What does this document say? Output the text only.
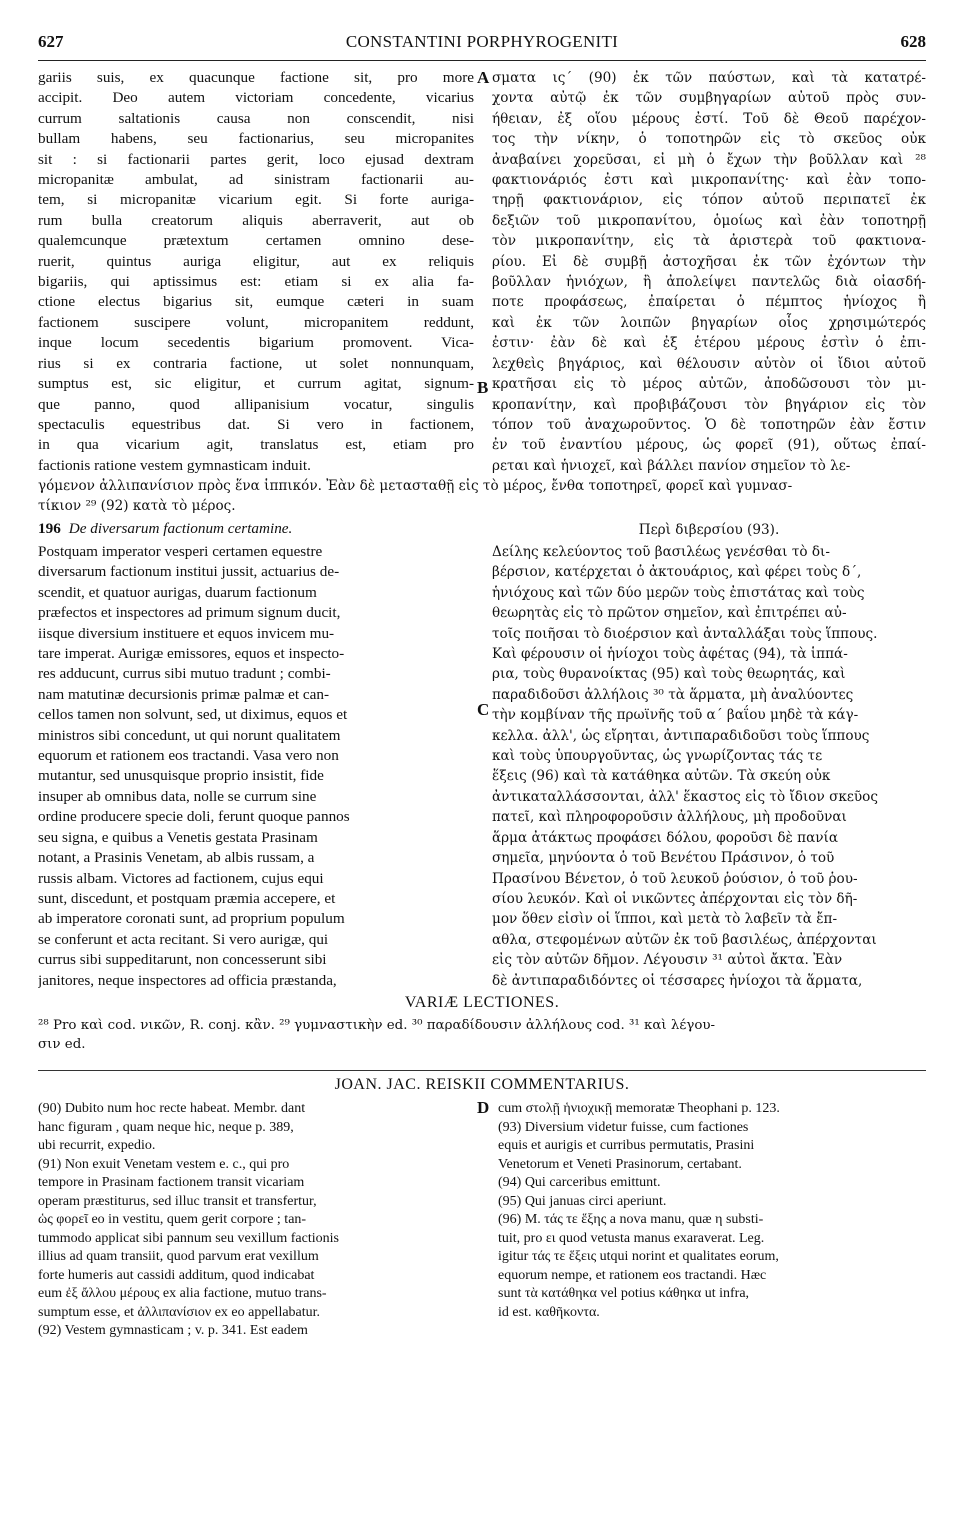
627	CONSTANTINI PORPHYROGENITI	628
gariis suis, ex quacunque factione sit, pro more
accipit. Deo autem victoriam concedente, vicarius
currum saltationis causa non conscendit, nisi
bullam habens, seu factionarius, seu micropanites
sit : si factionarii partes gerit, loco ejusad dextram
micropanitæ ambulat, ad sinistram factionarii au-
tem, si micropanitæ vicarium egit. Si forte auriga-
rum bulla creatorum aliquis aberraverit, aut ob
qualemcunque prætextum certamen omnino dese-
ruerit, quintus auriga eligitur, aut ex reliquis
bigariis, qui aptissimus est: etiam si ex alia fa-
ctione electus bigarius sit, eumque cæteri in suam
factionem suscipere volunt, micropanitem reddunt,
inque locum secedentis bigarium promovent. Vica-
rius si ex contraria factione, ut solet nonnunquam,
sumptus est, sic eligitur, et currum agitat, signum-
que panno, quod allipanisium vocatur, singulis
spectaculis equestribus dat. Si vero in factionem,
in qua vicarium agit, translatus est, etiam pro
factionis ratione vestem gymnasticam induit.
σματα ις΄ (90) ἐκ τῶν παύστων, καὶ τὰ κατατρέ-
χοντα αὐτῷ ἐκ τῶν συμβηγαρίων αὐτοῦ πρὸς συν-
ήθειαν, ἐξ οἵου μέρους ἐστί. Τοῦ δὲ Θεοῦ παρέχον-
τος τὴν νίκην, ὁ τοποτηρῶν εἰς τὸ σκεῦος οὐκ
ἀναβαίνει χορεῦσαι, εἰ μὴ ὁ ἔχων τὴν βοῦλλαν καὶ ²⁸
φακτιονάριός ἐστι καὶ μικροπανίτης· καὶ ἐὰν τοπο-
τηρῇ φακτιονάριον, εἰς τόπον αὐτοῦ περιπατεῖ ἐκ
δεξιῶν τοῦ μικροπανίτου, ὁμοίως καὶ ἐὰν τοποτηρῇ
τὸν μικροπανίτην, εἰς τὰ ἀριστερὰ τοῦ φακτιονα-
ρίου. Εἰ δὲ συμβῇ ἀστοχῆσαι ἐκ τῶν ἐχόντων τὴν
βοῦλλαν ἡνιόχων, ἢ ἀπολείψει παντελῶς διὰ οἱασδή-
ποτε προφάσεως, ἐπαίρεται ὁ πέμπτος ἡνίοχος ἢ
καὶ ἐκ τῶν λοιπῶν βηγαρίων οἷος χρησιμώτερός
ἐστιν· ἐὰν δὲ καὶ ἐξ ἑτέρου μέρους ἐστὶν ὁ ἐπι-
λεχθεὶς βηγάριος, καὶ θέλουσιν αὐτὸν οἱ ἴδιοι αὐτοῦ
κρατῆσαι εἰς τὸ μέρος αὐτῶν, ἀποδῶσουσι τὸν μι-
κροπανίτην, καὶ προβιβάζουσι τὸν βηγάριον εἰς τὸν
τόπον τοῦ ἀναχωροῦντος. Ὁ δὲ τοποτηρῶν ἐὰν ἔστιν
ἐν τοῦ ἐναντίου μέρους, ὡς φορεῖ (91), οὕτως ἐπαί-
ρεται καὶ ἡνιοχεῖ, καὶ βάλλει πανίον σημεῖον τὸ λε-
A
B
γόμενον ἀλλιπανίσιον πρὸς ἕνα ἱππικόν. Ἐὰν δὲ μετασταθῇ εἰς τὸ μέρος, ἔνθα τοποτηρεῖ, φορεῖ καὶ γυμνασ-
τίκιον ²⁹ (92) κατὰ τὸ μέρος.
196 De diversarum factionum certamine.	Περὶ διβερσίου (93).
Postquam imperator vesperi certamen equestre
diversarum factionum institui jussit, actuarius de-
scendit, et quatuor aurigas, duarum factionum
præfectos et inspectores ad primum signum ducit,
iisque diversium instituere et equos invicem mu-
tare imperat. Aurigæ emissores, equos et inspecto-
res adducunt, currus sibi mutuo tradunt ; combi-
nam matutinæ decursionis primæ palmæ et can-
cellos tamen non solvunt, sed, ut diximus, equos et
ministros sibi concedunt, ut qui norunt qualitatem
equorum et rationem eos tractandi. Vasa vero non
mutantur, sed unusquisque proprio insistit, fide
insuper ab omnibus data, nolle se currum sine
ordine producere specie doli, ferunt quoque pannos
seu signa, e quibus a Venetis gestata Prasinam
notant, a Prasinis Venetam, ab albis russam, a
russis albam. Victores ad factionem, cujus equi
sunt, discedunt, et postquam præmia accepere, et
ab imperatore coronati sunt, ad proprium populum
se conferunt et acta recitant. Si vero aurigæ, qui
currus sibi suppeditarunt, non concesserunt sibi
janitores, neque inspectores ad officia præstanda,
Δείλης κελεύοντος τοῦ βασιλέως γενέσθαι τὸ δι-
βέρσιον, κατέρχεται ὁ ἀκτουάριος, καὶ φέρει τοὺς δ΄,
ἡνιόχους καὶ τῶν δύο μερῶν τοὺς ἐπιστάτας καὶ τοὺς
θεωρητὰς εἰς τὸ πρῶτον σημεῖον, καὶ ἐπιτρέπει αὐ-
τοῖς ποιῆσαι τὸ διοέρσιον καὶ ἀνταλλάξαι τοὺς ἵππους.
Καὶ φέρουσιν οἱ ἡνίοχοι τοὺς ἀφέτας (94), τὰ ἱππά-
ρια, τοὺς θυρανοίκτας (95) καὶ τοὺς θεωρητάς, καὶ
παραδιδοῦσι ἀλλήλοις ³⁰ τὰ ἅρματα, μὴ ἀναλύοντες
τὴν κομβίναν τῆς πρωϊνῆς τοῦ α΄ βαΐου μηδὲ τὰ κάγ-
κελλα. ἀλλ', ὡς εἴρηται, ἀντιπαραδιδοῦσι τοὺς ἵππους
καὶ τοὺς ὑπουργοῦντας, ὡς γνωρίζοντας τάς τε
ἕξεις (96) καὶ τὰ κατάθηκα αὐτῶν. Τὰ σκεύη οὐκ
ἀντικαταλλάσσονται, ἀλλ' ἕκαστος εἰς τὸ ἴδιον σκεῦος
πατεῖ, καὶ πληροφοροῦσιν ἀλλήλους, μὴ προδοῦναι
ἅρμα ἀτάκτως προφάσει δόλου, φοροῦσι δὲ πανία
σημεῖα, μηνύοντα ὁ τοῦ Βενέτου Πράσινον, ὁ τοῦ
Πρασίνου Βένετον, ὁ τοῦ λευκοῦ ῥούσιον, ὁ τοῦ ῥου-
σίου λευκόν. Καὶ οἱ νικῶντες ἀπέρχονται εἰς τὸν δῆ-
μον ὅθεν εἰσὶν οἱ ἵπποι, καὶ μετὰ τὸ λαβεῖν τὰ ἔπ-
αθλα, στεφομένων αὐτῶν ἐκ τοῦ βασιλέως, ἀπέρχονται
εἰς τὸν αὐτῶν δῆμον. Λέγουσιν ³¹ αὐτοὶ ἄκτα. Ἐὰν
δὲ ἀντιπαραδιδόντες οἱ τέσσαρες ἡνίοχοι τὰ ἅρματα,
C
VARIÆ LECTIONES.
²⁸ Pro καὶ cod. νικῶν, R. conj. κἂν. ²⁹ γυμναστικὴν ed. ³⁰ παραδίδουσιν ἀλλήλους cod. ³¹ καὶ λέγου-
σιν ed.
JOAN. JAC. REISKII COMMENTARIUS.
(90) Dubito num hoc recte habeat. Membr. dant
hanc figuram , quam neque hic, neque p. 389,
ubi recurrit, expedio.
(91) Non exuit Venetam vestem e. c., qui pro
tempore in Prasinam factionem transit vicariam
operam præstiturus, sed illuc transit et transfertur,
ὡς φορεῖ eo in vestitu, quem gerit corpore ; tan-
tummodo applicat sibi pannum seu vexillum factionis
illius ad quam transiit, quod parvum erat vexillum
forte humeris aut cassidi additum, quod indicabat
eum ἐξ ἄλλου μέρους ex alia factione, mutuo trans-
sumptum esse, et ἀλλιπανίσιον ex eo appellabatur.
(92) Vestem gymnasticam ; v. p. 341. Est eadem
cum στολῇ ἡνιοχικῇ memoratæ Theophani p. 123.
(93) Diversium videtur fuisse, cum factiones
equis et aurigis et curribus permutatis, Prasini
Venetorum et Veneti Prasinorum, certabant.
(94) Qui carceribus emittunt.
(95) Qui januas circi aperiunt.
(96) M. τάς τε ἕξης a nova manu, quæ η substi-
tuit, pro ει quod vetusta manus exaraverat. Leg.
igitur τάς τε ἕξεις utqui norint et qualitates eorum,
equorum nempe, et rationem eos tractandi. Hæc
sunt τὰ κατάθηκα vel potius κάθηκα ut infra,
id est. καθῆκοντα.
D
